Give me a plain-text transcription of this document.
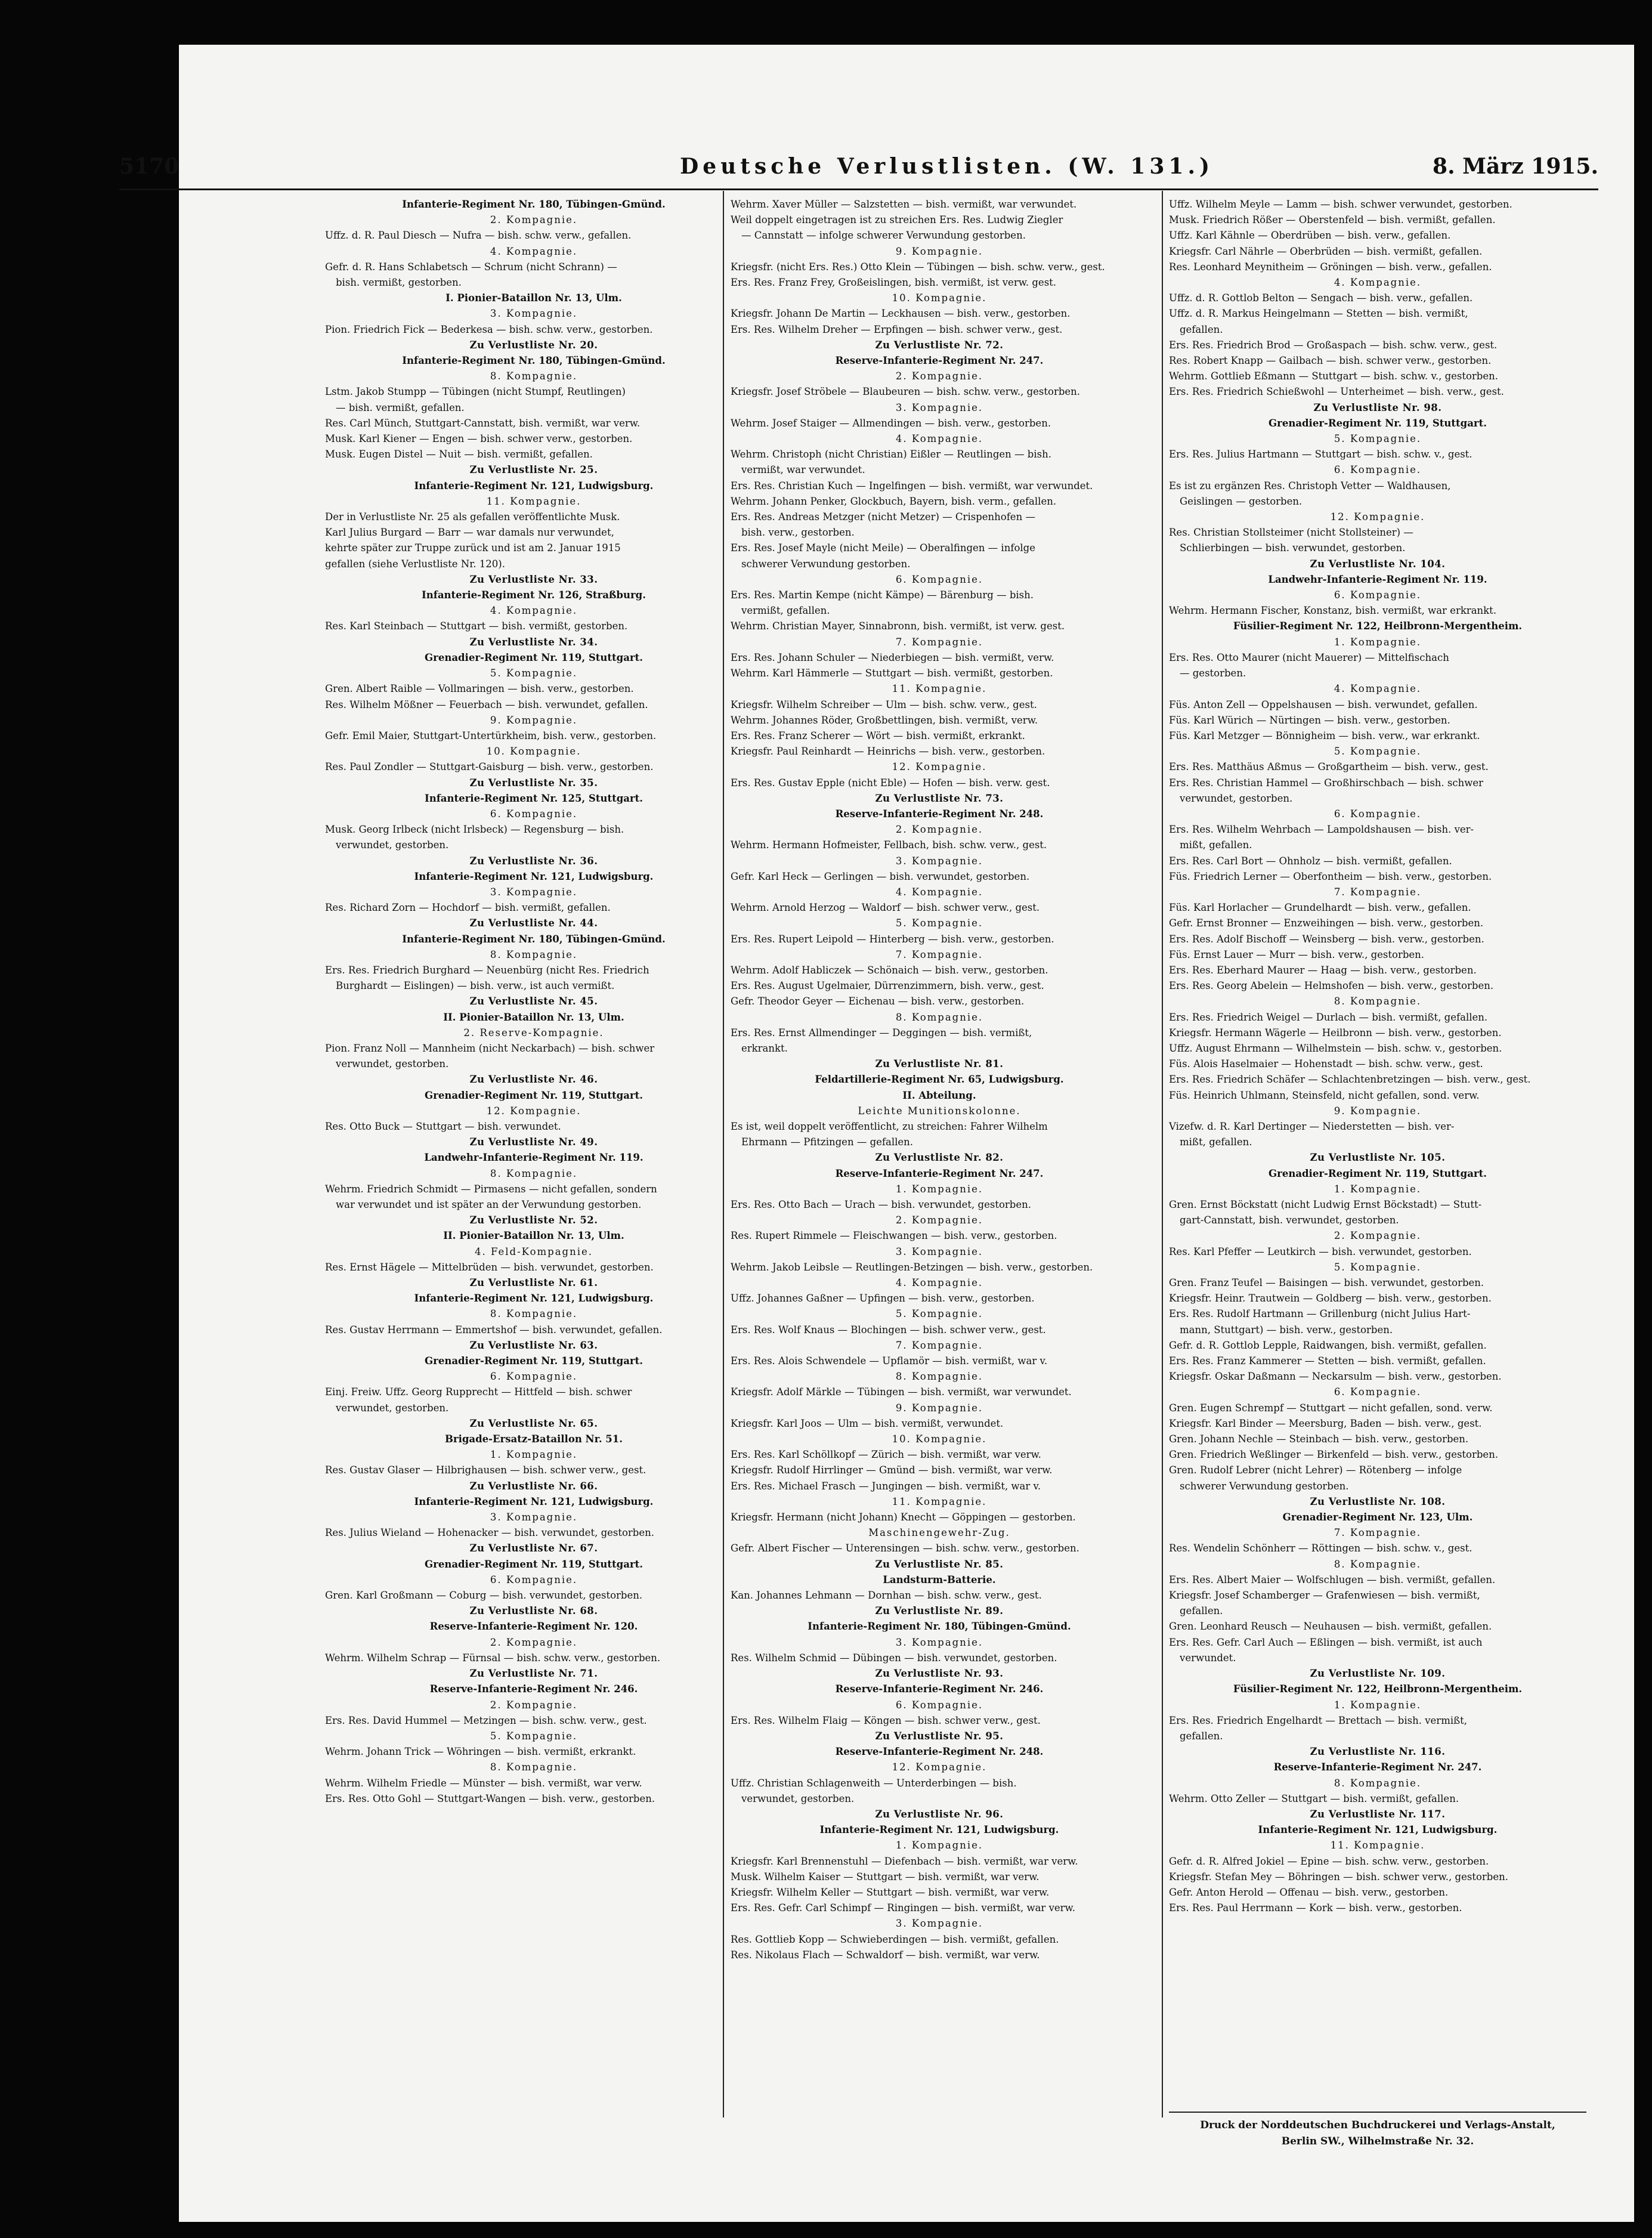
5170	Deutsche Verlustlisten. (W. 131.)	8. März 1915.
Infanterie-Regiment Nr. 180, Tübingen-Gmünd.
2. Kompagnie.
Uffz. d. R. Paul Diesch — Nufra — bish. schw. verw., gefallen.
4. Kompagnie.
Gefr. d. R. Hans Schlabetsch — Schrum (nicht Schrann) —
bish. vermißt, gestorben.
I. Pionier-Bataillon Nr. 13, Ulm.
3. Kompagnie.
Pion. Friedrich Fick — Bederkesa — bish. schw. verw., gestorben.
Zu Verlustliste Nr. 20.
Infanterie-Regiment Nr. 180, Tübingen-Gmünd.
8. Kompagnie.
Lstm. Jakob Stumpp — Tübingen (nicht Stumpf, Reutlingen)
— bish. vermißt, gefallen.
Res. Carl Münch, Stuttgart-Cannstatt, bish. vermißt, war verw.
Musk. Karl Kiener — Engen — bish. schwer verw., gestorben.
Musk. Eugen Distel — Nuit — bish. vermißt, gefallen.
Zu Verlustliste Nr. 25.
Infanterie-Regiment Nr. 121, Ludwigsburg.
11. Kompagnie.
Der in Verlustliste Nr. 25 als gefallen veröffentlichte Musk.
Karl Julius Burgard — Barr — war damals nur verwundet,
kehrte später zur Truppe zurück und ist am 2. Januar 1915
gefallen (siehe Verlustliste Nr. 120).
Zu Verlustliste Nr. 33.
Infanterie-Regiment Nr. 126, Straßburg.
4. Kompagnie.
Res. Karl Steinbach — Stuttgart — bish. vermißt, gestorben.
Zu Verlustliste Nr. 34.
Grenadier-Regiment Nr. 119, Stuttgart.
5. Kompagnie.
Gren. Albert Raible — Vollmaringen — bish. verw., gestorben.
Res. Wilhelm Mößner — Feuerbach — bish. verwundet, gefallen.
9. Kompagnie.
Gefr. Emil Maier, Stuttgart-Untertürkheim, bish. verw., gestorben.
10. Kompagnie.
Res. Paul Zondler — Stuttgart-Gaisburg — bish. verw., gestorben.
Zu Verlustliste Nr. 35.
Infanterie-Regiment Nr. 125, Stuttgart.
6. Kompagnie.
Musk. Georg Irlbeck (nicht Irlsbeck) — Regensburg — bish.
verwundet, gestorben.
Zu Verlustliste Nr. 36.
Infanterie-Regiment Nr. 121, Ludwigsburg.
3. Kompagnie.
Res. Richard Zorn — Hochdorf — bish. vermißt, gefallen.
Zu Verlustliste Nr. 44.
Infanterie-Regiment Nr. 180, Tübingen-Gmünd.
8. Kompagnie.
Ers. Res. Friedrich Burghard — Neuenbürg (nicht Res. Friedrich
Burghardt — Eislingen) — bish. verw., ist auch vermißt.
Zu Verlustliste Nr. 45.
II. Pionier-Bataillon Nr. 13, Ulm.
2. Reserve-Kompagnie.
Pion. Franz Noll — Mannheim (nicht Neckarbach) — bish. schwer
verwundet, gestorben.
Zu Verlustliste Nr. 46.
Grenadier-Regiment Nr. 119, Stuttgart.
12. Kompagnie.
Res. Otto Buck — Stuttgart — bish. verwundet.
Zu Verlustliste Nr. 49.
Landwehr-Infanterie-Regiment Nr. 119.
8. Kompagnie.
Wehrm. Friedrich Schmidt — Pirmasens — nicht gefallen, sondern
war verwundet und ist später an der Verwundung gestorben.
Zu Verlustliste Nr. 52.
II. Pionier-Bataillon Nr. 13, Ulm.
4. Feld-Kompagnie.
Res. Ernst Hägele — Mittelbrüden — bish. verwundet, gestorben.
Zu Verlustliste Nr. 61.
Infanterie-Regiment Nr. 121, Ludwigsburg.
8. Kompagnie.
Res. Gustav Herrmann — Emmertshof — bish. verwundet, gefallen.
Zu Verlustliste Nr. 63.
Grenadier-Regiment Nr. 119, Stuttgart.
6. Kompagnie.
Einj. Freiw. Uffz. Georg Rupprecht — Hittfeld — bish. schwer
verwundet, gestorben.
Zu Verlustliste Nr. 65.
Brigade-Ersatz-Bataillon Nr. 51.
1. Kompagnie.
Res. Gustav Glaser — Hilbrighausen — bish. schwer verw., gest.
Zu Verlustliste Nr. 66.
Infanterie-Regiment Nr. 121, Ludwigsburg.
3. Kompagnie.
Res. Julius Wieland — Hohenacker — bish. verwundet, gestorben.
Zu Verlustliste Nr. 67.
Grenadier-Regiment Nr. 119, Stuttgart.
6. Kompagnie.
Gren. Karl Großmann — Coburg — bish. verwundet, gestorben.
Zu Verlustliste Nr. 68.
Reserve-Infanterie-Regiment Nr. 120.
2. Kompagnie.
Wehrm. Wilhelm Schrap — Fürnsal — bish. schw. verw., gestorben.
Zu Verlustliste Nr. 71.
Reserve-Infanterie-Regiment Nr. 246.
2. Kompagnie.
Ers. Res. David Hummel — Metzingen — bish. schw. verw., gest.
5. Kompagnie.
Wehrm. Johann Trick — Wöhringen — bish. vermißt, erkrankt.
8. Kompagnie.
Wehrm. Wilhelm Friedle — Münster — bish. vermißt, war verw.
Ers. Res. Otto Gohl — Stuttgart-Wangen — bish. verw., gestorben.
Wehrm. Xaver Müller — Salzstetten — bish. vermißt, war verwundet.
Weil doppelt eingetragen ist zu streichen Ers. Res. Ludwig Ziegler
— Cannstatt — infolge schwerer Verwundung gestorben.
9. Kompagnie.
Kriegsfr. (nicht Ers. Res.) Otto Klein — Tübingen — bish. schw. verw., gest.
Ers. Res. Franz Frey, Großeislingen, bish. vermißt, ist verw. gest.
10. Kompagnie.
Kriegsfr. Johann De Martin — Leckhausen — bish. verw., gestorben.
Ers. Res. Wilhelm Dreher — Erpfingen — bish. schwer verw., gest.
Zu Verlustliste Nr. 72.
Reserve-Infanterie-Regiment Nr. 247.
2. Kompagnie.
Kriegsfr. Josef Ströbele — Blaubeuren — bish. schw. verw., gestorben.
3. Kompagnie.
Wehrm. Josef Staiger — Allmendingen — bish. verw., gestorben.
4. Kompagnie.
Wehrm. Christoph (nicht Christian) Eißler — Reutlingen — bish.
vermißt, war verwundet.
Ers. Res. Christian Kuch — Ingelfingen — bish. vermißt, war verwundet.
Wehrm. Johann Penker, Glockbuch, Bayern, bish. verm., gefallen.
Ers. Res. Andreas Metzger (nicht Metzer) — Crispenhofen —
bish. verw., gestorben.
Ers. Res. Josef Mayle (nicht Meile) — Oberalfingen — infolge
schwerer Verwundung gestorben.
6. Kompagnie.
Ers. Res. Martin Kempe (nicht Kämpe) — Bärenburg — bish.
vermißt, gefallen.
Wehrm. Christian Mayer, Sinnabronn, bish. vermißt, ist verw. gest.
7. Kompagnie.
Ers. Res. Johann Schuler — Niederbiegen — bish. vermißt, verw.
Wehrm. Karl Hämmerle — Stuttgart — bish. vermißt, gestorben.
11. Kompagnie.
Kriegsfr. Wilhelm Schreiber — Ulm — bish. schw. verw., gest.
Wehrm. Johannes Röder, Großbettlingen, bish. vermißt, verw.
Ers. Res. Franz Scherer — Wört — bish. vermißt, erkrankt.
Kriegsfr. Paul Reinhardt — Heinrichs — bish. verw., gestorben.
12. Kompagnie.
Ers. Res. Gustav Epple (nicht Eble) — Hofen — bish. verw. gest.
Zu Verlustliste Nr. 73.
Reserve-Infanterie-Regiment Nr. 248.
2. Kompagnie.
Wehrm. Hermann Hofmeister, Fellbach, bish. schw. verw., gest.
3. Kompagnie.
Gefr. Karl Heck — Gerlingen — bish. verwundet, gestorben.
4. Kompagnie.
Wehrm. Arnold Herzog — Waldorf — bish. schwer verw., gest.
5. Kompagnie.
Ers. Res. Rupert Leipold — Hinterberg — bish. verw., gestorben.
7. Kompagnie.
Wehrm. Adolf Habliczek — Schönaich — bish. verw., gestorben.
Ers. Res. August Ugelmaier, Dürrenzimmern, bish. verw., gest.
Gefr. Theodor Geyer — Eichenau — bish. verw., gestorben.
8. Kompagnie.
Ers. Res. Ernst Allmendinger — Deggingen — bish. vermißt,
erkrankt.
Zu Verlustliste Nr. 81.
Feldartillerie-Regiment Nr. 65, Ludwigsburg.
II. Abteilung.
Leichte Munitionskolonne.
Es ist, weil doppelt veröffentlicht, zu streichen: Fahrer Wilhelm
Ehrmann — Pfitzingen — gefallen.
Zu Verlustliste Nr. 82.
Reserve-Infanterie-Regiment Nr. 247.
1. Kompagnie.
Ers. Res. Otto Bach — Urach — bish. verwundet, gestorben.
2. Kompagnie.
Res. Rupert Rimmele — Fleischwangen — bish. verw., gestorben.
3. Kompagnie.
Wehrm. Jakob Leibsle — Reutlingen-Betzingen — bish. verw., gestorben.
4. Kompagnie.
Uffz. Johannes Gaßner — Upfingen — bish. verw., gestorben.
5. Kompagnie.
Ers. Res. Wolf Knaus — Blochingen — bish. schwer verw., gest.
7. Kompagnie.
Ers. Res. Alois Schwendele — Upflamör — bish. vermißt, war v.
8. Kompagnie.
Kriegsfr. Adolf Märkle — Tübingen — bish. vermißt, war verwundet.
9. Kompagnie.
Kriegsfr. Karl Joos — Ulm — bish. vermißt, verwundet.
10. Kompagnie.
Ers. Res. Karl Schöllkopf — Zürich — bish. vermißt, war verw.
Kriegsfr. Rudolf Hirrlinger — Gmünd — bish. vermißt, war verw.
Ers. Res. Michael Frasch — Jungingen — bish. vermißt, war v.
11. Kompagnie.
Kriegsfr. Hermann (nicht Johann) Knecht — Göppingen — gestorben.
Maschinengewehr-Zug.
Gefr. Albert Fischer — Unterensingen — bish. schw. verw., gestorben.
Zu Verlustliste Nr. 85.
Landsturm-Batterie.
Kan. Johannes Lehmann — Dornhan — bish. schw. verw., gest.
Zu Verlustliste Nr. 89.
Infanterie-Regiment Nr. 180, Tübingen-Gmünd.
3. Kompagnie.
Res. Wilhelm Schmid — Dübingen — bish. verwundet, gestorben.
Zu Verlustliste Nr. 93.
Reserve-Infanterie-Regiment Nr. 246.
6. Kompagnie.
Ers. Res. Wilhelm Flaig — Köngen — bish. schwer verw., gest.
Zu Verlustliste Nr. 95.
Reserve-Infanterie-Regiment Nr. 248.
12. Kompagnie.
Uffz. Christian Schlagenweith — Unterderbingen — bish.
verwundet, gestorben.
Zu Verlustliste Nr. 96.
Infanterie-Regiment Nr. 121, Ludwigsburg.
1. Kompagnie.
Kriegsfr. Karl Brennenstuhl — Diefenbach — bish. vermißt, war verw.
Musk. Wilhelm Kaiser — Stuttgart — bish. vermißt, war verw.
Kriegsfr. Wilhelm Keller — Stuttgart — bish. vermißt, war verw.
Ers. Res. Gefr. Carl Schimpf — Ringingen — bish. vermißt, war verw.
3. Kompagnie.
Res. Gottlieb Kopp — Schwieberdingen — bish. vermißt, gefallen.
Res. Nikolaus Flach — Schwaldorf — bish. vermißt, war verw.
Uffz. Wilhelm Meyle — Lamm — bish. schwer verwundet, gestorben.
Musk. Friedrich Rößer — Oberstenfeld — bish. vermißt, gefallen.
Uffz. Karl Kähnle — Oberdrüben — bish. verw., gefallen.
Kriegsfr. Carl Nährle — Oberbrüden — bish. vermißt, gefallen.
Res. Leonhard Meynitheim — Gröningen — bish. verw., gefallen.
4. Kompagnie.
Uffz. d. R. Gottlob Belton — Sengach — bish. verw., gefallen.
Uffz. d. R. Markus Heingelmann — Stetten — bish. vermißt,
gefallen.
Ers. Res. Friedrich Brod — Großaspach — bish. schw. verw., gest.
Res. Robert Knapp — Gailbach — bish. schwer verw., gestorben.
Wehrm. Gottlieb Eßmann — Stuttgart — bish. schw. v., gestorben.
Ers. Res. Friedrich Schießwohl — Unterheimet — bish. verw., gest.
Zu Verlustliste Nr. 98.
Grenadier-Regiment Nr. 119, Stuttgart.
5. Kompagnie.
Ers. Res. Julius Hartmann — Stuttgart — bish. schw. v., gest.
6. Kompagnie.
Es ist zu ergänzen Res. Christoph Vetter — Waldhausen,
Geislingen — gestorben.
12. Kompagnie.
Res. Christian Stollsteimer (nicht Stollsteiner) —
Schlierbingen — bish. verwundet, gestorben.
Zu Verlustliste Nr. 104.
Landwehr-Infanterie-Regiment Nr. 119.
6. Kompagnie.
Wehrm. Hermann Fischer, Konstanz, bish. vermißt, war erkrankt.
Füsilier-Regiment Nr. 122, Heilbronn-Mergentheim.
1. Kompagnie.
Ers. Res. Otto Maurer (nicht Mauerer) — Mittelfischach
— gestorben.
4. Kompagnie.
Füs. Anton Zell — Oppelshausen — bish. verwundet, gefallen.
Füs. Karl Würich — Nürtingen — bish. verw., gestorben.
Füs. Karl Metzger — Bönnigheim — bish. verw., war erkrankt.
5. Kompagnie.
Ers. Res. Matthäus Aßmus — Großgartheim — bish. verw., gest.
Ers. Res. Christian Hammel — Großhirschbach — bish. schwer
verwundet, gestorben.
6. Kompagnie.
Ers. Res. Wilhelm Wehrbach — Lampoldshausen — bish. ver-
mißt, gefallen.
Ers. Res. Carl Bort — Ohnholz — bish. vermißt, gefallen.
Füs. Friedrich Lerner — Oberfontheim — bish. verw., gestorben.
7. Kompagnie.
Füs. Karl Horlacher — Grundelhardt — bish. verw., gefallen.
Gefr. Ernst Bronner — Enzweihingen — bish. verw., gestorben.
Ers. Res. Adolf Bischoff — Weinsberg — bish. verw., gestorben.
Füs. Ernst Lauer — Murr — bish. verw., gestorben.
Ers. Res. Eberhard Maurer — Haag — bish. verw., gestorben.
Ers. Res. Georg Abelein — Helmshofen — bish. verw., gestorben.
8. Kompagnie.
Ers. Res. Friedrich Weigel — Durlach — bish. vermißt, gefallen.
Kriegsfr. Hermann Wägerle — Heilbronn — bish. verw., gestorben.
Uffz. August Ehrmann — Wilhelmstein — bish. schw. v., gestorben.
Füs. Alois Haselmaier — Hohenstadt — bish. schw. verw., gest.
Ers. Res. Friedrich Schäfer — Schlachtenbretzingen — bish. verw., gest.
Füs. Heinrich Uhlmann, Steinsfeld, nicht gefallen, sond. verw.
9. Kompagnie.
Vizefw. d. R. Karl Dertinger — Niederstetten — bish. ver-
mißt, gefallen.
Zu Verlustliste Nr. 105.
Grenadier-Regiment Nr. 119, Stuttgart.
1. Kompagnie.
Gren. Ernst Böckstatt (nicht Ludwig Ernst Böckstadt) — Stutt-
gart-Cannstatt, bish. verwundet, gestorben.
2. Kompagnie.
Res. Karl Pfeffer — Leutkirch — bish. verwundet, gestorben.
5. Kompagnie.
Gren. Franz Teufel — Baisingen — bish. verwundet, gestorben.
Kriegsfr. Heinr. Trautwein — Goldberg — bish. verw., gestorben.
Ers. Res. Rudolf Hartmann — Grillenburg (nicht Julius Hart-
mann, Stuttgart) — bish. verw., gestorben.
Gefr. d. R. Gottlob Lepple, Raidwangen, bish. vermißt, gefallen.
Ers. Res. Franz Kammerer — Stetten — bish. vermißt, gefallen.
Kriegsfr. Oskar Daßmann — Neckarsulm — bish. verw., gestorben.
6. Kompagnie.
Gren. Eugen Schrempf — Stuttgart — nicht gefallen, sond. verw.
Kriegsfr. Karl Binder — Meersburg, Baden — bish. verw., gest.
Gren. Johann Nechle — Steinbach — bish. verw., gestorben.
Gren. Friedrich Weßlinger — Birkenfeld — bish. verw., gestorben.
Gren. Rudolf Lebrer (nicht Lehrer) — Rötenberg — infolge
schwerer Verwundung gestorben.
Zu Verlustliste Nr. 108.
Grenadier-Regiment Nr. 123, Ulm.
7. Kompagnie.
Res. Wendelin Schönherr — Röttingen — bish. schw. v., gest.
8. Kompagnie.
Ers. Res. Albert Maier — Wolfschlugen — bish. vermißt, gefallen.
Kriegsfr. Josef Schamberger — Grafenwiesen — bish. vermißt,
gefallen.
Gren. Leonhard Reusch — Neuhausen — bish. vermißt, gefallen.
Ers. Res. Gefr. Carl Auch — Eßlingen — bish. vermißt, ist auch
verwundet.
Zu Verlustliste Nr. 109.
Füsilier-Regiment Nr. 122, Heilbronn-Mergentheim.
1. Kompagnie.
Ers. Res. Friedrich Engelhardt — Brettach — bish. vermißt,
gefallen.
Zu Verlustliste Nr. 116.
Reserve-Infanterie-Regiment Nr. 247.
8. Kompagnie.
Wehrm. Otto Zeller — Stuttgart — bish. vermißt, gefallen.
Zu Verlustliste Nr. 117.
Infanterie-Regiment Nr. 121, Ludwigsburg.
11. Kompagnie.
Gefr. d. R. Alfred Jokiel — Epine — bish. schw. verw., gestorben.
Kriegsfr. Stefan Mey — Böhringen — bish. schwer verw., gestorben.
Gefr. Anton Herold — Offenau — bish. verw., gestorben.
Ers. Res. Paul Herrmann — Kork — bish. verw., gestorben.
Druck der Norddeutschen Buchdruckerei und Verlags-Anstalt,
Berlin SW., Wilhelmstraße Nr. 32.
